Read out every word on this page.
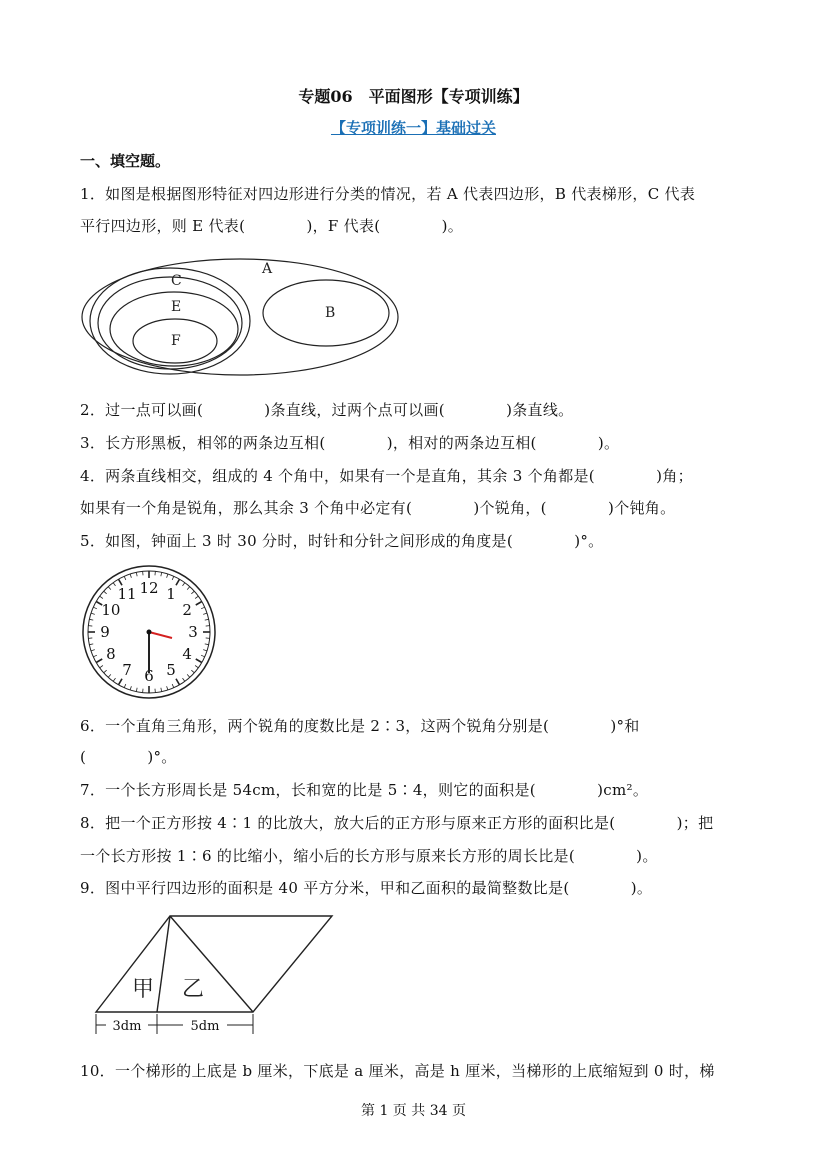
专题06　平面图形【专项训练】
【专项训练一】基础过关
一、填空题。
1．如图是根据图形特征对四边形进行分类的情况，若 A 代表四边形，B 代表梯形，C 代表
平行四边形，则 E 代表(　　　　)，F 代表(　　　　)。
A
B
C
E
F
2．过一点可以画(　　　　)条直线，过两个点可以画(　　　　)条直线。
3．长方形黑板，相邻的两条边互相(　　　　)，相对的两条边互相(　　　　)。
4．两条直线相交，组成的 4 个角中，如果有一个是直角，其余 3 个角都是(　　　　)角；
如果有一个角是锐角，那么其余 3 个角中必定有(　　　　)个锐角，(　　　　)个钝角。
5．如图，钟面上 3 时 30 分时，时针和分针之间形成的角度是(　　　　)°。
12 1
2
3
4
5
6
7
8
9
10
11
6．一个直角三角形，两个锐角的度数比是 2∶3，这两个锐角分别是(　　　　)°和
(　　　　)°。
7．一个长方形周长是 54cm，长和宽的比是 5∶4，则它的面积是(　　　　)cm²。
8．把一个正方形按 4∶1 的比放大，放大后的正方形与原来正方形的面积比是(　　　　)；把
一个长方形按 1∶6 的比缩小，缩小后的长方形与原来长方形的周长比是(　　　　)。
9．图中平行四边形的面积是 40 平方分米，甲和乙面积的最简整数比是(　　　　)。
甲 乙
3dm	5dm
10．一个梯形的上底是 b 厘米，下底是 a 厘米，高是 h 厘米，当梯形的上底缩短到 0 时，梯
第 1 页 共 34 页
